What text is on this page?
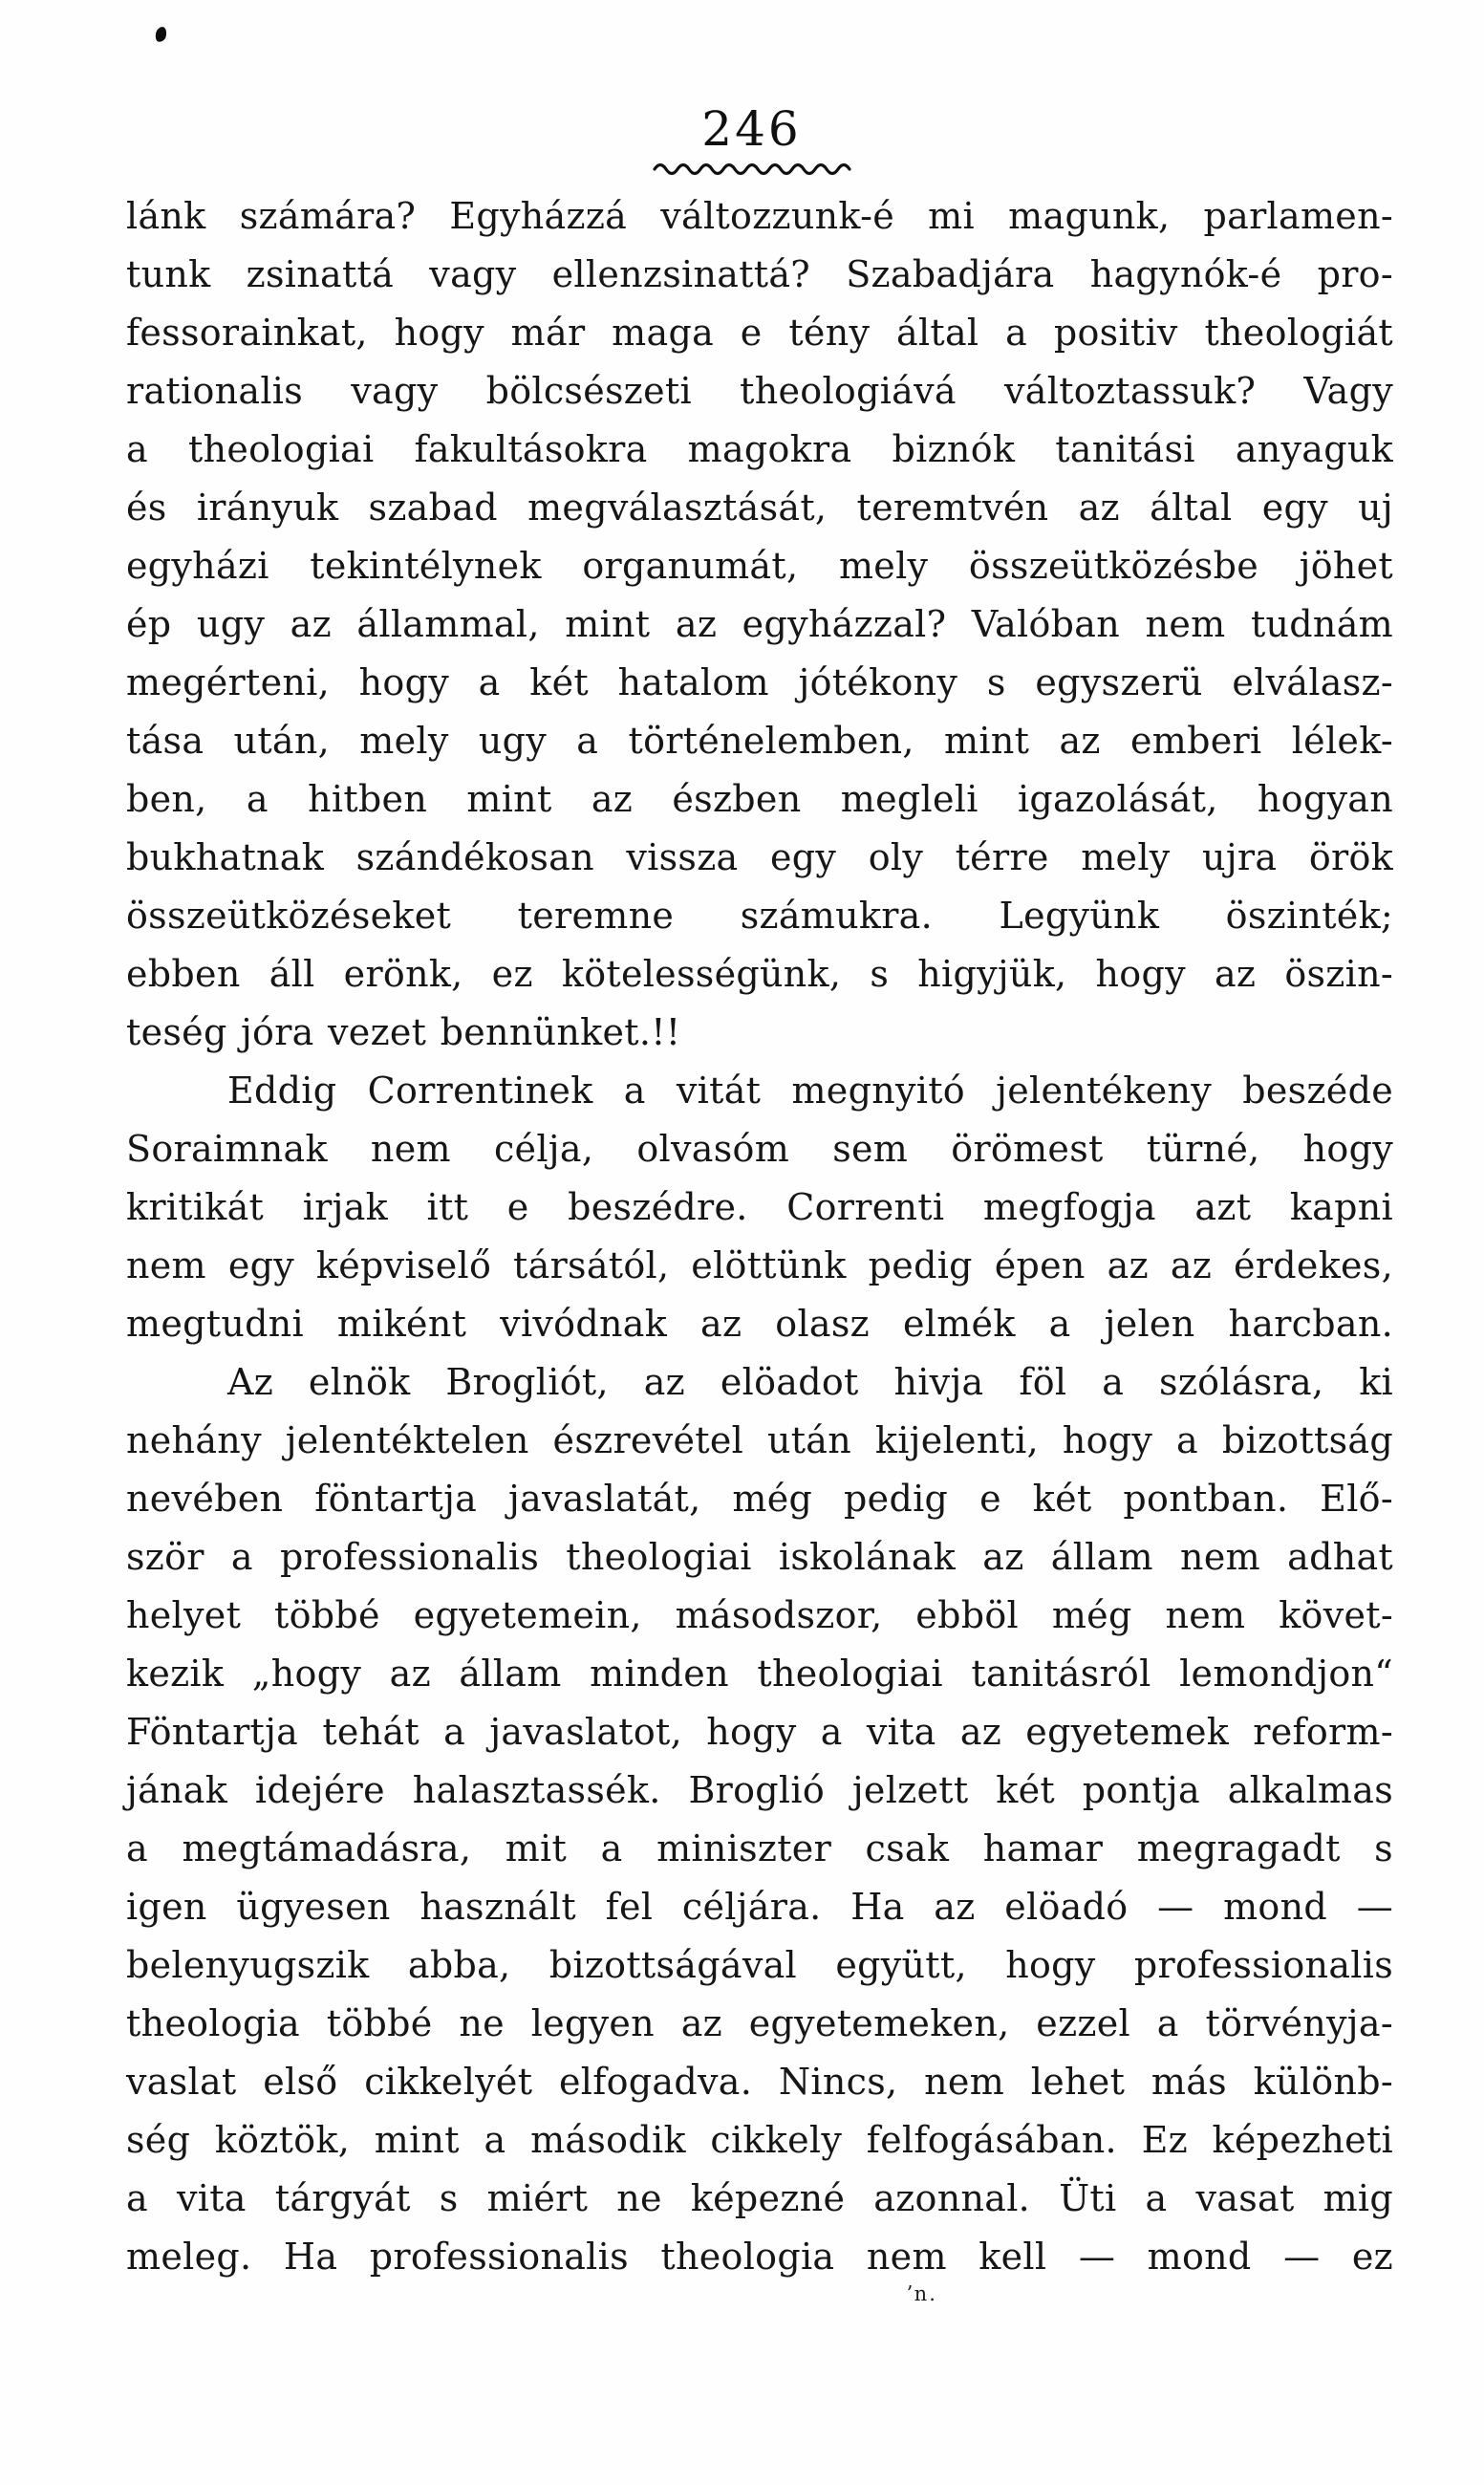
246
lánk számára? Egyházzá változzunk-é mi magunk, parlamen-
tunk zsinattá vagy ellenzsinattá? Szabadjára hagynók-é pro-
fessorainkat, hogy már maga e tény által a positiv theologiát
rationalis vagy bölcsészeti theologiává változtassuk? Vagy
a theologiai fakultásokra magokra biznók tanitási anyaguk
és irányuk szabad megválasztását, teremtvén az által egy uj
egyházi tekintélynek organumát, mely összeütközésbe jöhet
ép ugy az állammal, mint az egyházzal? Valóban nem tudnám
megérteni, hogy a két hatalom jótékony s egyszerü elválasz-
tása után, mely ugy a történelemben, mint az emberi lélek-
ben, a hitben mint az észben megleli igazolását, hogyan
bukhatnak szándékosan vissza egy oly térre mely ujra örök
összeütközéseket teremne számukra. Legyünk öszinték;
ebben áll erönk, ez kötelességünk, s higyjük, hogy az öszin-
teség jóra vezet bennünket.!!
Eddig Correntinek a vitát megnyitó jelentékeny beszéde
Soraimnak nem célja, olvasóm sem örömest türné, hogy
kritikát irjak itt e beszédre. Correnti megfogja azt kapni
nem egy képviselő társától, elöttünk pedig épen az az érdekes,
megtudni miként vivódnak az olasz elmék a jelen harcban.
Az elnök Brogliót, az elöadot hivja föl a szólásra, ki
nehány jelentéktelen észrevétel után kijelenti, hogy a bizottság
nevében föntartja javaslatát, még pedig e két pontban. Elő-
ször a professionalis theologiai iskolának az állam nem adhat
helyet többé egyetemein, másodszor, ebböl még nem követ-
kezik „hogy az állam minden theologiai tanitásról lemondjon“
Föntartja tehát a javaslatot, hogy a vita az egyetemek reform-
jának idejére halasztassék. Broglió jelzett két pontja alkalmas
a megtámadásra, mit a miniszter csak hamar megragadt s
igen ügyesen használt fel céljára. Ha az elöadó — mond —
belenyugszik abba, bizottságával együtt, hogy professionalis
theologia többé ne legyen az egyetemeken, ezzel a törvényja-
vaslat első cikkelyét elfogadva. Nincs, nem lehet más különb-
ség köztök, mint a második cikkely felfogásában. Ez képezheti
a vita tárgyát s miért ne képezné azonnal. Üti a vasat mig
meleg. Ha professionalis theologia nem kell — mond — ez
ʼn.
